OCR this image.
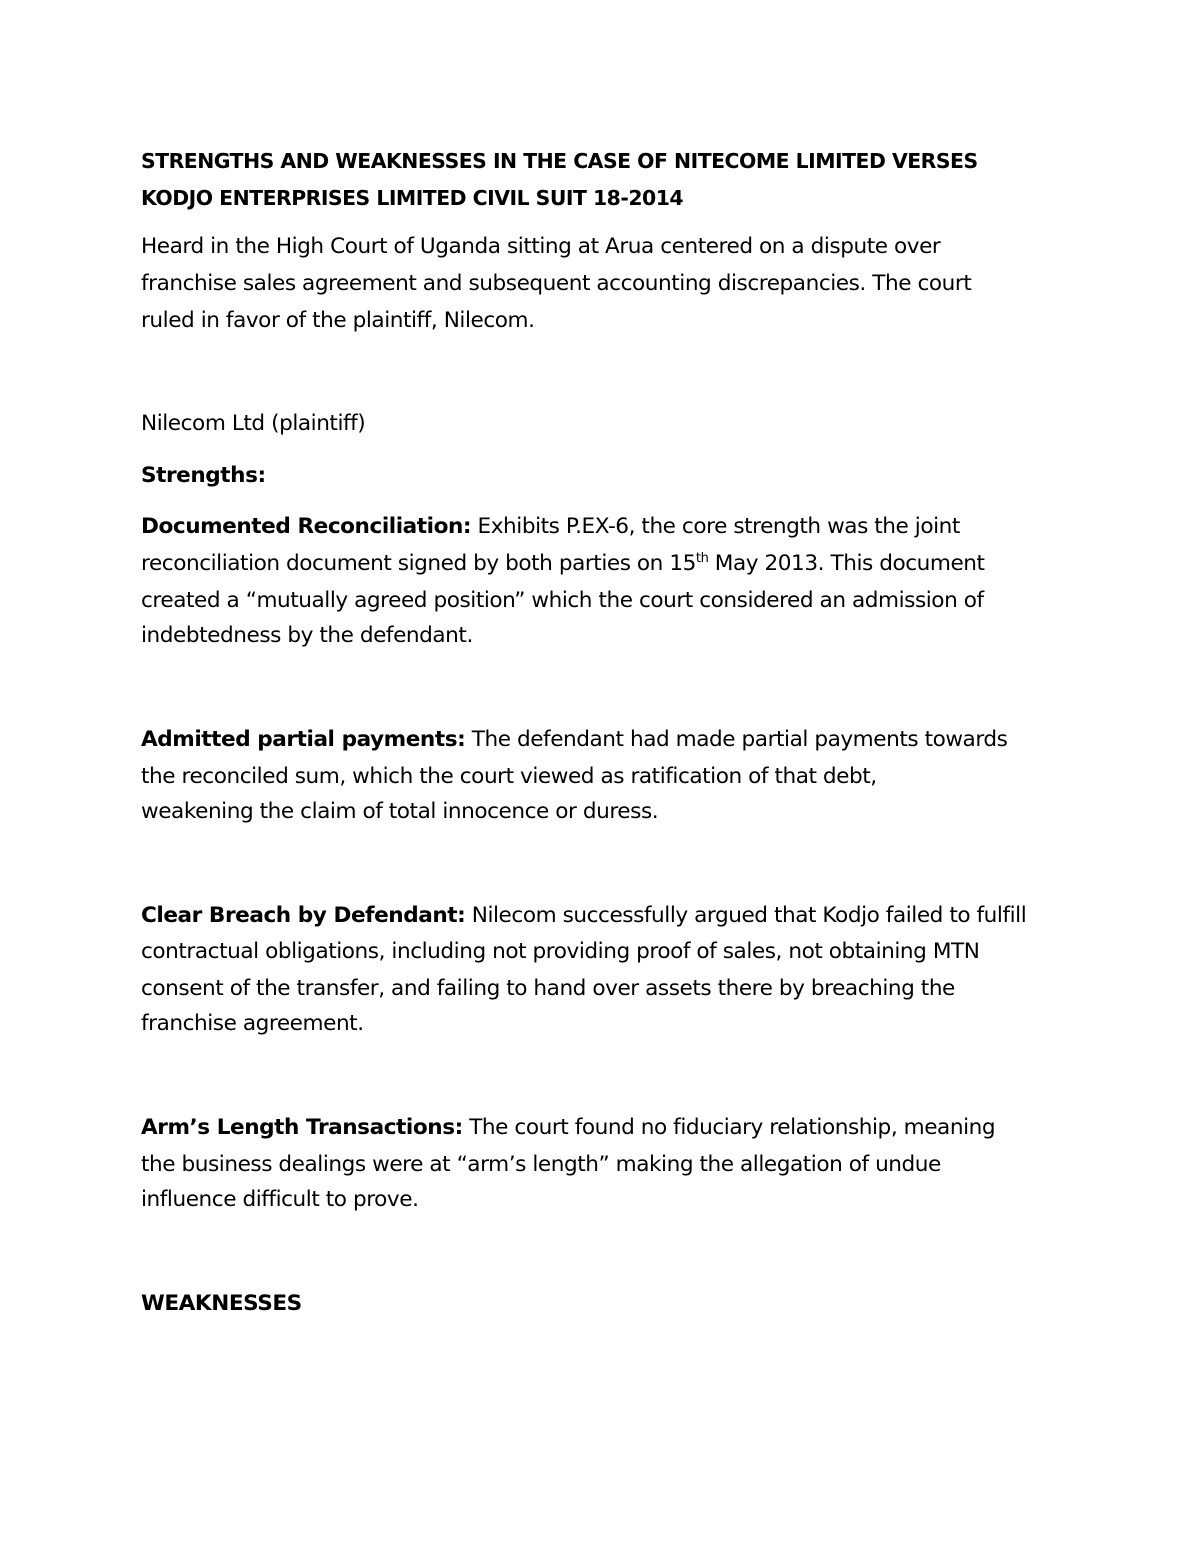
STRENGTHS AND WEAKNESSES IN THE CASE OF NITECOME LIMITED VERSES
KODJO ENTERPRISES LIMITED CIVIL SUIT 18-2014
Heard in the High Court of Uganda sitting at Arua centered on a dispute over
franchise sales agreement and subsequent accounting discrepancies. The court
ruled in favor of the plaintiff, Nilecom.
Nilecom Ltd (plaintiff)
Strengths:
Documented Reconciliation: Exhibits P.EX-6, the core strength was the joint
reconciliation document signed by both parties on 15th May 2013. This document
created a “mutually agreed position” which the court considered an admission of
indebtedness by the defendant.
Admitted partial payments: The defendant had made partial payments towards
the reconciled sum, which the court viewed as ratification of that debt,
weakening the claim of total innocence or duress.
Clear Breach by Defendant: Nilecom successfully argued that Kodjo failed to fulfill
contractual obligations, including not providing proof of sales, not obtaining MTN
consent of the transfer, and failing to hand over assets there by breaching the
franchise agreement.
Arm’s Length Transactions: The court found no fiduciary relationship, meaning
the business dealings were at “arm’s length” making the allegation of undue
influence difficult to prove.
WEAKNESSES
